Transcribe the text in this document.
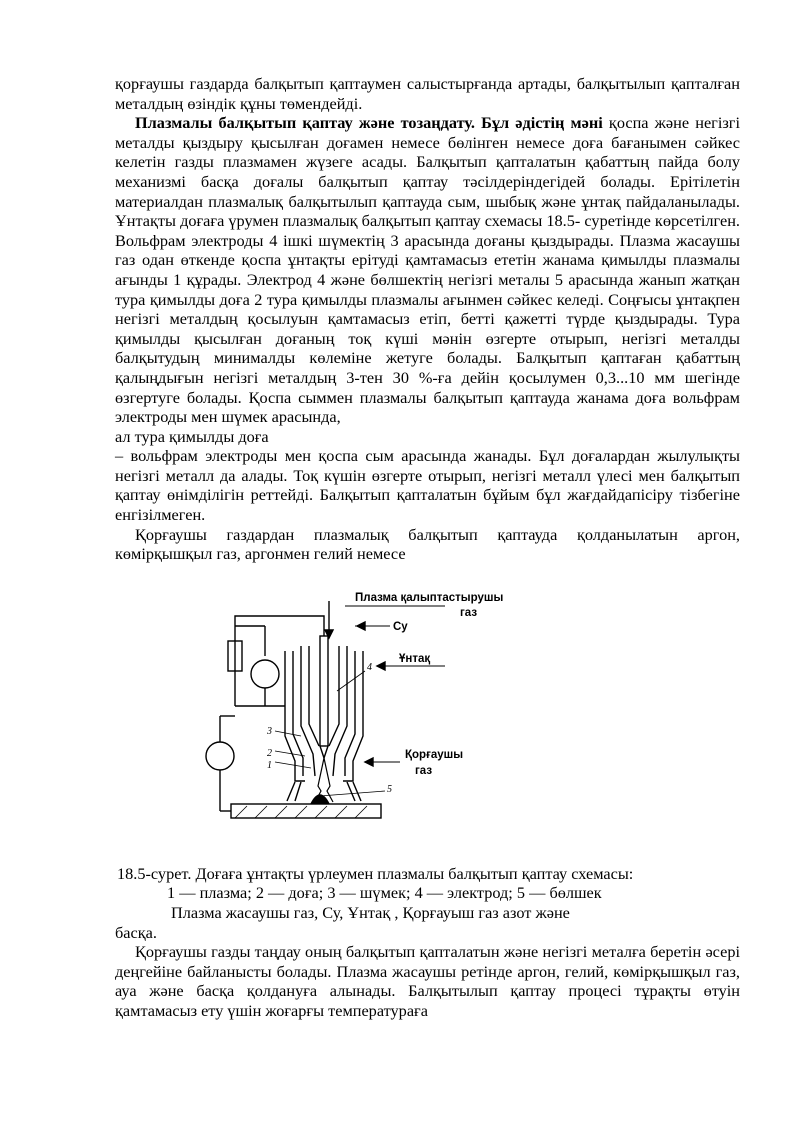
қорғаушы газдарда балқытып қаптаумен салыстырғанда артады, балқытылып қапталған металдың өзіндік құны төмендейді.

Плазмалы балқытып қаптау және тозаңдату. Бұл әдістің мәні қоспа және негізгі металды қыздыру қысылған доғамен немесе бөлінген немесе доға бағанымен сәйкес келетін газды плазмамен жүзеге асады. Балқытып қапталатын қабаттың пайда болу механизмі басқа доғалы балқытып қаптау тәсілдеріндегідей болады. Ерітілетін материалдан плазмалық балқытылып қаптауда сым, шыбық және ұнтақ пайдаланылады. Ұнтақты доғаға үрумен плазмалық балқытып қаптау схемасы 18.5- суретінде көрсетілген. Вольфрам электроды 4 ішкі шүмектің 3 арасында доғаны қыздырады. Плазма жасаушы газ одан өткенде қоспа ұнтақты ерітуді қамтамасыз ететін жанама қимылды плазмалы ағынды 1 құрады. Электрод 4 және бөлшектің негізгі металы 5 арасында жанып жатқан тура қимылды доға 2 тура қимылды плазмалы ағынмен сәйкес келеді. Соңғысы ұнтақпен негізгі металдың қосылуын қамтамасыз етіп, бетті қажетті түрде қыздырады. Тура қимылды қысылған доғаның тоқ күші мәнін өзгерте отырып, негізгі металды балқытудың минималды көлеміне жетуге болады. Балқытып қаптаған қабаттың қалыңдығын негізгі металдың 3-тен 30 %-ға дейін қосылумен 0,3...10 мм шегінде өзгертуге болады. Қоспа сыммен плазмалы балқытып қаптауда жанама доға вольфрам электроды мен шүмек арасында,

ал тура қимылды доға

– вольфрам электроды мен қоспа сым арасында жанады. Бұл доғалардан жылулықты негізгі металл да алады. Тоқ күшін өзгерте отырып, негізгі металл үлесі мен балқытып қаптау өнімділігін реттейді. Балқытып қапталатын бұйым бұл жағдайдапісіру тізбегіне енгізілмеген.

Қорғаушы газдардан плазмалық балқытып қаптауда қолданылатын аргон, көмірқышқыл газ, аргонмен гелий немесе

Плазма қалыптастырушы
газ
Су
Ұнтақ
Қорғаушы
газ
1
2
3
4
5

18.5-сурет. Доғаға ұнтақты үрлеумен плазмалы балқытып қаптау схемасы:

1 — плазма; 2 — доға; 3 — шүмек; 4 — электрод; 5 — бөлшек

Плазма жасаушы газ, Су, Ұнтақ , Қорғауыш газ азот және

басқа.

Қорғаушы газды таңдау оның балқытып қапталатын және негізгі металға беретін әсері деңгейіне байланысты болады. Плазма жасаушы ретінде аргон, гелий, көмірқышқыл газ, ауа және басқа қолдануға алынады. Балқытылып қаптау процесі тұрақты өтуін қамтамасыз ету үшін жоғарғы температураға
